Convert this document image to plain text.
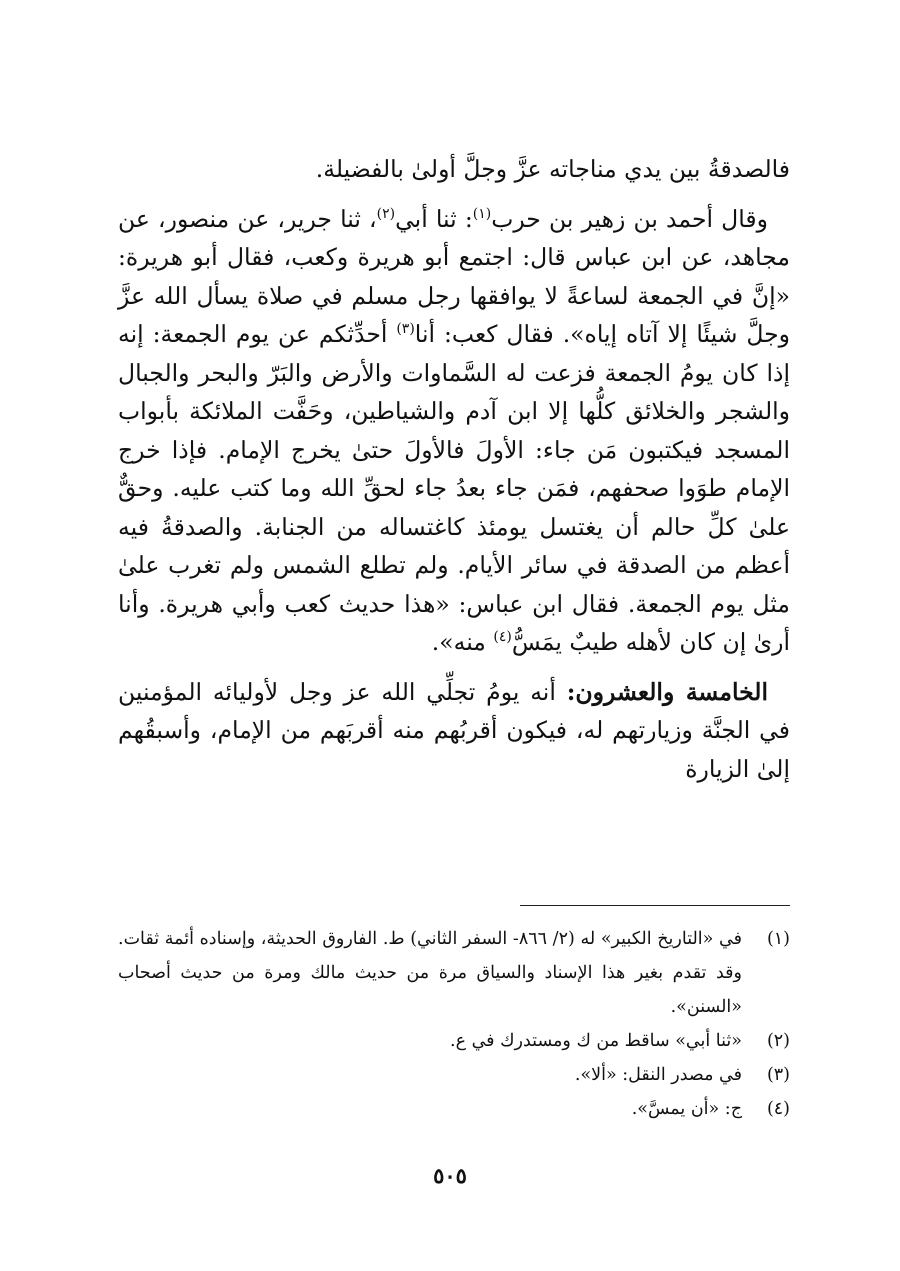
فالصدقةُ بين يدي مناجاته عزَّ وجلَّ أولىٰ بالفضيلة.

وقال أحمد بن زهير بن حرب$^{(١)}$: ثنا أبي$^{(٢)}$، ثنا جرير، عن منصور، عن مجاهد، عن ابن عباس قال: اجتمع أبو هريرة وكعب، فقال أبو هريرة: «إنَّ في الجمعة لساعةً لا يوافقها رجل مسلم في صلاة يسأل الله عزَّ وجلَّ شيئًا إلا آتاه إياه». فقال كعب: أنا$^{(٣)}$ أحدِّثكم عن يوم الجمعة: إنه إذا كان يومُ الجمعة فزعت له السَّماوات والأرض والبَرّ والبحر والجبال والشجر والخلائق كلُّها إلا ابن آدم والشياطين، وحَفَّت الملائكة بأبواب المسجد فيكتبون مَن جاء: الأولَ فالأولَ حتىٰ يخرج الإمام. فإذا خرج الإمام طوَوا صحفهم، فمَن جاء بعدُ جاء لحقِّ الله وما كتب عليه. وحقٌّ علىٰ كلِّ حالم أن يغتسل يومئذ كاغتساله من الجنابة. والصدقةُ فيه أعظم من الصدقة في سائر الأيام. ولم تطلع الشمس ولم تغرب علىٰ مثل يوم الجمعة. فقال ابن عباس: «هذا حديث كعب وأبي هريرة. وأنا أرىٰ إن كان لأهله طيبٌ يمَسُّ$^{(٤)}$ منه».

الخامسة والعشرون: أنه يومُ تجلِّي الله عز وجل لأوليائه المؤمنين في الجنَّة وزيارتهم له، فيكون أقربُهم منه أقربَهم من الإمام، وأسبقُهم إلىٰ الزيارة

(١)
في «التاريخ الكبير» له (٢/ ٨٦٦- السفر الثاني) ط. الفاروق الحديثة، وإسناده أئمة ثقات. وقد تقدم بغير هذا الإسناد والسياق مرة من حديث مالك ومرة من حديث أصحاب «السنن».
(٢)
«ثنا أبي» ساقط من ك ومستدرك في ع.
(٣)
في مصدر النقل: «ألا».
(٤)
ج: «أن يمسَّ».
٥٠٥
